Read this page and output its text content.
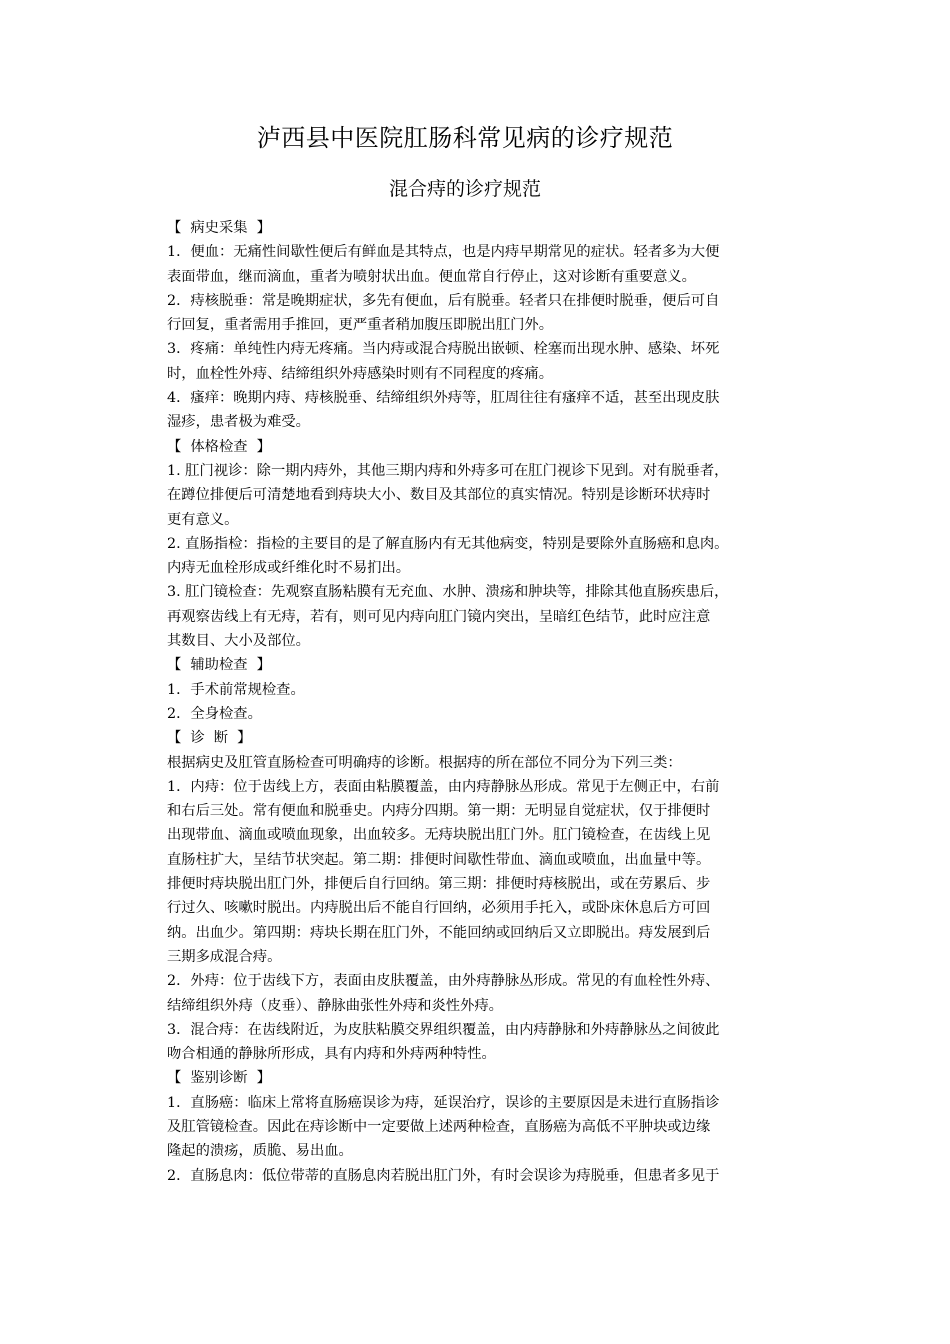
泸西县中医院肛肠科常见病的诊疗规范
混合痔的诊疗规范
【  病史采集  】
1．便血：无痛性间歇性便后有鲜血是其特点，也是内痔早期常见的症状。轻者多为大便
表面带血，继而滴血，重者为喷射状出血。便血常自行停止，这对诊断有重要意义。
2．痔核脱垂：常是晚期症状，多先有便血，后有脱垂。轻者只在排便时脱垂，便后可自
行回复，重者需用手推回，更严重者稍加腹压即脱出肛门外。
3．疼痛：单纯性内痔无疼痛。当内痔或混合痔脱出嵌顿、栓塞而出现水肿、感染、坏死
时，血栓性外痔、结缔组织外痔感染时则有不同程度的疼痛。
4．瘙痒：晚期内痔、痔核脱垂、结缔组织外痔等，肛周往往有瘙痒不适，甚至出现皮肤
湿疹，患者极为难受。
【  体格检查  】
1. 肛门视诊：除一期内痔外，其他三期内痔和外痔多可在肛门视诊下见到。对有脱垂者，
在蹲位排便后可清楚地看到痔块大小、数目及其部位的真实情况。特别是诊断环状痔时
更有意义。
2. 直肠指检：指检的主要目的是了解直肠内有无其他病变，特别是要除外直肠癌和息肉。
内痔无血栓形成或纤维化时不易扪出。
3. 肛门镜检查：先观察直肠粘膜有无充血、水肿、溃疡和肿块等，排除其他直肠疾患后，
再观察齿线上有无痔，若有，则可见内痔向肛门镜内突出，呈暗红色结节，此时应注意
其数目、大小及部位。
【  辅助检查  】
1．手术前常规检查。
2．全身检查。
【  诊  断  】
根据病史及肛管直肠检查可明确痔的诊断。根据痔的所在部位不同分为下列三类：
1．内痔：位于齿线上方，表面由粘膜覆盖，由内痔静脉丛形成。常见于左侧正中，右前
和右后三处。常有便血和脱垂史。内痔分四期。第一期：无明显自觉症状，仅于排便时
出现带血、滴血或喷血现象，出血较多。无痔块脱出肛门外。肛门镜检查，在齿线上见
直肠柱扩大，呈结节状突起。第二期：排便时间歇性带血、滴血或喷血，出血量中等。
排便时痔块脱出肛门外，排便后自行回纳。第三期：排便时痔核脱出，或在劳累后、步
行过久、咳嗽时脱出。内痔脱出后不能自行回纳，必须用手托入，或卧床休息后方可回
纳。出血少。第四期：痔块长期在肛门外，不能回纳或回纳后又立即脱出。痔发展到后
三期多成混合痔。
2．外痔：位于齿线下方，表面由皮肤覆盖，由外痔静脉丛形成。常见的有血栓性外痔、
结缔组织外痔（皮垂）、静脉曲张性外痔和炎性外痔。
3．混合痔：在齿线附近，为皮肤粘膜交界组织覆盖，由内痔静脉和外痔静脉丛之间彼此
吻合相通的静脉所形成，具有内痔和外痔两种特性。
【  鉴别诊断  】
1．直肠癌：临床上常将直肠癌误诊为痔，延误治疗，误诊的主要原因是未进行直肠指诊
及肛管镜检查。因此在痔诊断中一定要做上述两种检查，直肠癌为高低不平肿块或边缘
隆起的溃疡，质脆、易出血。
2．直肠息肉：低位带蒂的直肠息肉若脱出肛门外，有时会误诊为痔脱垂，但患者多见于
